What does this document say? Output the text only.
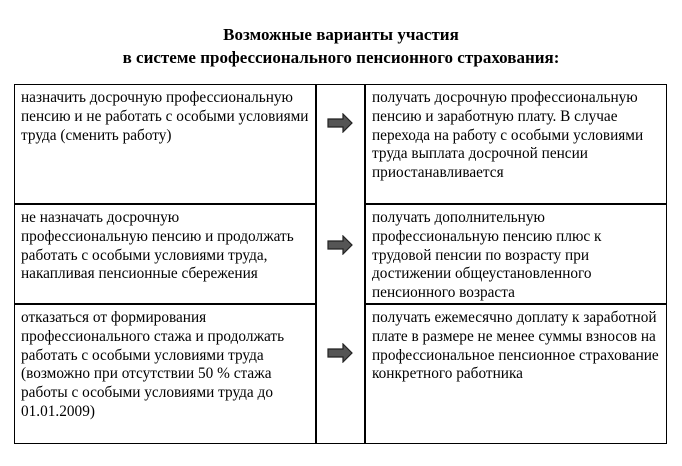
Возможные варианты участия
в системе профессионального пенсионного страхования:
назначить досрочную профессиональную пенсию и не работать с особыми условиями труда (сменить работу)
получать досрочную профессиональную пенсию и заработную плату. В случае перехода на работу с особыми условиями труда выплата досрочной пенсии приостанавливается
не назначать досрочную профессиональную пенсию и продолжать работать с особыми условиями труда, накапливая пенсионные сбережения
получать дополнительную профессиональную пенсию плюс к трудовой пенсии по возрасту при достижении общеустановленного пенсионного возраста
отказаться от формирования профессионального стажа и продолжать работать с особыми условиями труда (возможно при отсутствии 50 % стажа работы с особыми условиями труда до 01.01.2009)
получать ежемесячно доплату к заработной плате в размере не менее суммы взносов на профессиональное пенсионное страхование конкретного работника
